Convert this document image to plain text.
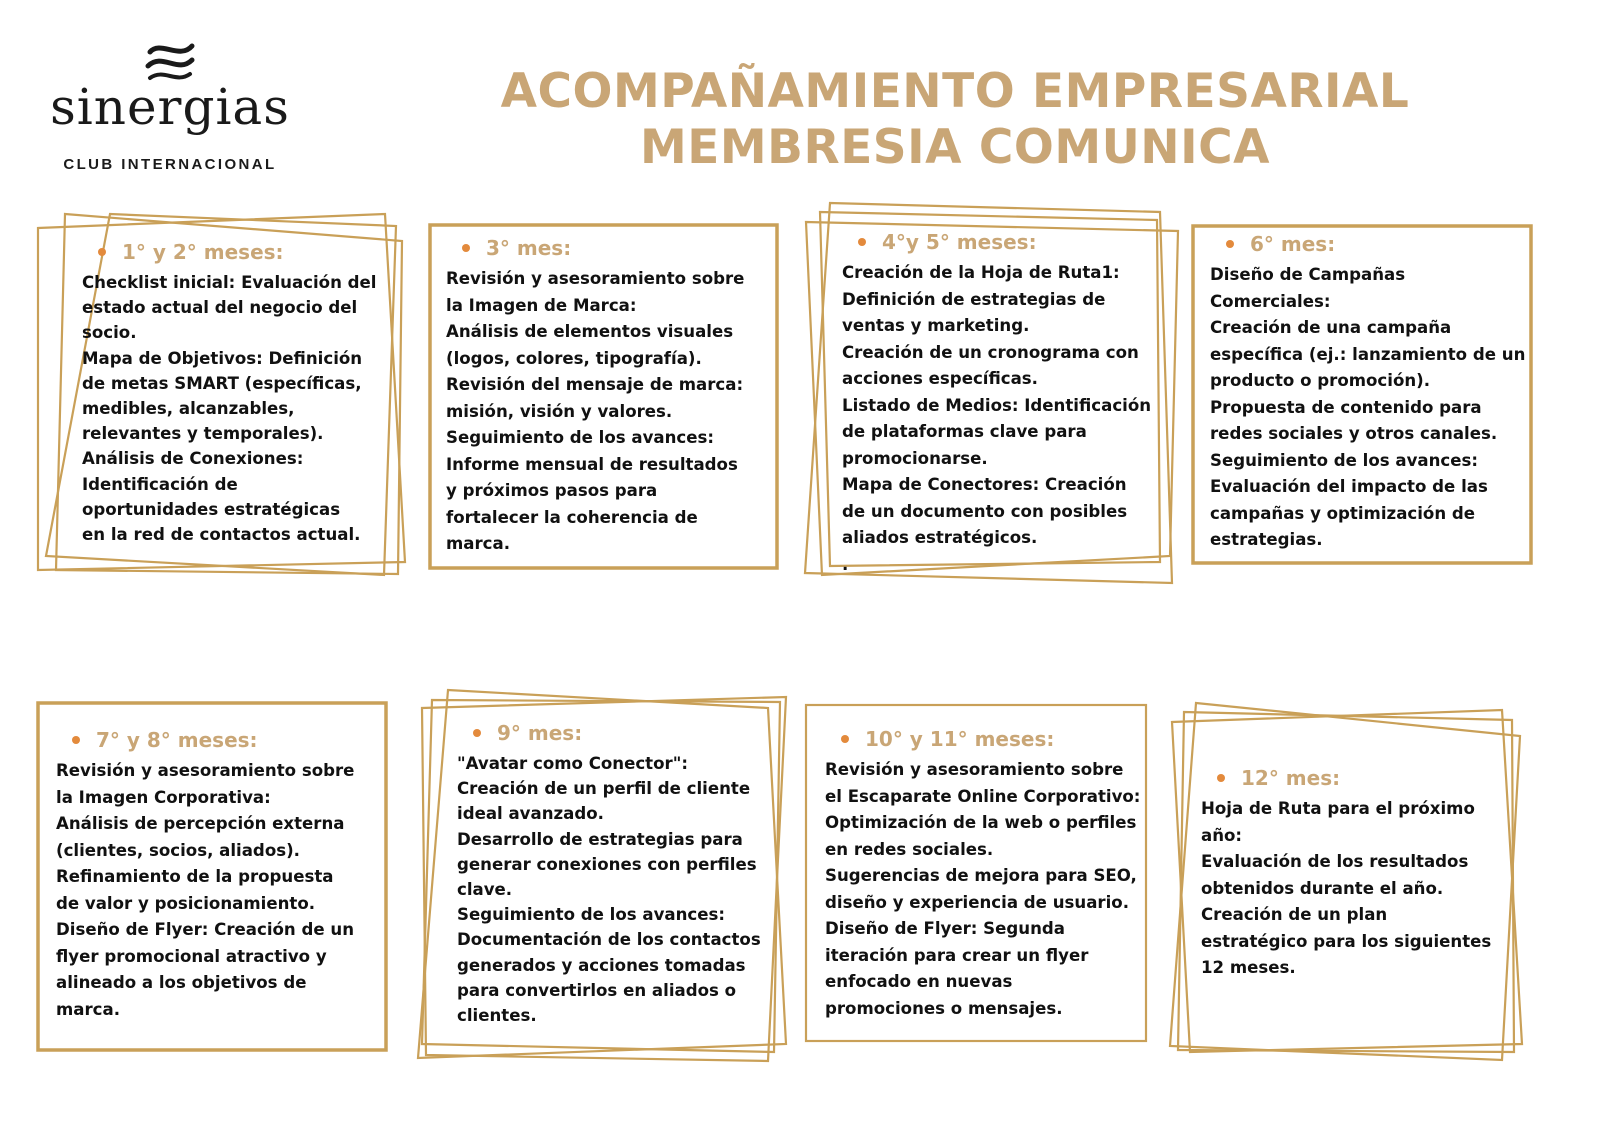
sinergias
CLUB INTERNACIONAL
ACOMPAÑAMIENTO EMPRESARIAL
MEMBRESIA COMUNICA
1° y 2° meses:

Checklist inicial: Evaluación del

estado actual del negocio del

socio.

Mapa de Objetivos: Definición

de metas SMART (específicas,

medibles, alcanzables,

relevantes y temporales).

Análisis de Conexiones:

Identificación de

oportunidades estratégicas

en la red de contactos actual.

3° mes:

Revisión y asesoramiento sobre

la Imagen de Marca:

Análisis de elementos visuales

(logos, colores, tipografía).

Revisión del mensaje de marca:

misión, visión y valores.

Seguimiento de los avances:

Informe mensual de resultados

y próximos pasos para

fortalecer la coherencia de

marca.

4°y 5° meses:

Creación de la Hoja de Ruta1:

Definición de estrategias de

ventas y marketing.

Creación de un cronograma con

acciones específicas.

Listado de Medios: Identificación

de plataformas clave para

promocionarse.

Mapa de Conectores: Creación

de un documento con posibles

aliados estratégicos.

.

6° mes:

Diseño de Campañas

Comerciales:

Creación de una campaña

específica (ej.: lanzamiento de un

producto o promoción).

Propuesta de contenido para

redes sociales y otros canales.

Seguimiento de los avances:

Evaluación del impacto de las

campañas y optimización de

estrategias.

7° y 8° meses:

Revisión y asesoramiento sobre

la Imagen Corporativa:

Análisis de percepción externa

(clientes, socios, aliados).

Refinamiento de la propuesta

de valor y posicionamiento.

Diseño de Flyer: Creación de un

flyer promocional atractivo y

alineado a los objetivos de

marca.

9° mes:

"Avatar como Conector":

Creación de un perfil de cliente

ideal avanzado.

Desarrollo de estrategias para

generar conexiones con perfiles

clave.

Seguimiento de los avances:

Documentación de los contactos

generados y acciones tomadas

para convertirlos en aliados o

clientes.

10° y 11° meses:

Revisión y asesoramiento sobre

el Escaparate Online Corporativo:

Optimización de la web o perfiles

en redes sociales.

Sugerencias de mejora para SEO,

diseño y experiencia de usuario.

Diseño de Flyer: Segunda

iteración para crear un flyer

enfocado en nuevas

promociones o mensajes.

12° mes:

Hoja de Ruta para el próximo

año:

Evaluación de los resultados

obtenidos durante el año.

Creación de un plan

estratégico para los siguientes

12 meses.
